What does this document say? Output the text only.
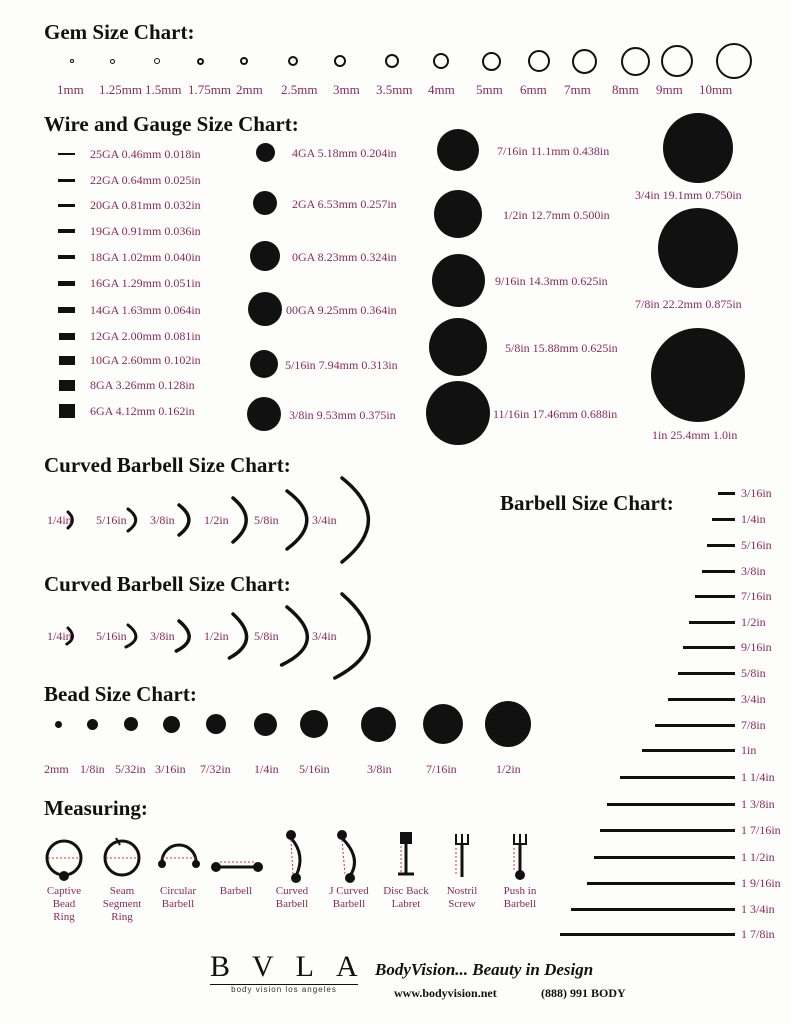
Gem Size Chart:
Wire and Gauge Size Chart:
Curved Barbell Size Chart:
Curved Barbell Size Chart:
Bead Size Chart:
Barbell Size Chart:
Measuring:
1mm 1.25mm 1.5mm 1.75mm 2mm 2.5mm 3mm 3.5mm 4mm 5mm 6mm 7mm 8mm 9mm 10mm
25GA 0.46mm 0.018in
22GA 0.64mm 0.025in
20GA 0.81mm 0.032in
19GA 0.91mm 0.036in
18GA 1.02mm 0.040in
16GA 1.29mm 0.051in
14GA 1.63mm 0.064in
12GA 2.00mm 0.081in
10GA 2.60mm 0.102in
8GA 3.26mm 0.128in
6GA 4.12mm 0.162in
4GA 5.18mm 0.204in
2GA 6.53mm 0.257in
0GA 8.23mm 0.324in
00GA 9.25mm 0.364in
5/16in 7.94mm 0.313in
3/8in 9.53mm 0.375in
7/16in 11.1mm 0.438in
1/2in 12.7mm 0.500in
9/16in 14.3mm 0.625in
5/8in 15.88mm 0.625in
11/16in 17.46mm 0.688in
3/4in 19.1mm 0.750in
7/8in 22.2mm 0.875in
1in 25.4mm 1.0in
1/4in 5/16in 3/8in 1/2in 5/8in	3/4in
1/4in 5/16in 3/8in 1/2in 5/8in	3/4in
2mm 1/8in 5/32in 3/16in 7/32in 1/4in 5/16in	3/8in	7/16in	1/2in
3/16in
1/4in
5/16in
3/8in
7/16in
1/2in
9/16in
5/8in
3/4in
7/8in
1in
1 1/4in
1 3/8in
1 7/16in
1 1/2in
1 9/16in
1 3/4in
1 7/8in
Captive
Bead
Ring
Seam
Segment
Ring
Circular
Barbell
Barbell	Curved
Barbell
J Curved
Barbell
Disc Back
Labret
Nostril
Screw
Push in
Barbell
BVLA
body vision los angeles
BodyVision... Beauty in Design
www.bodyvision.net	(888) 991 BODY
